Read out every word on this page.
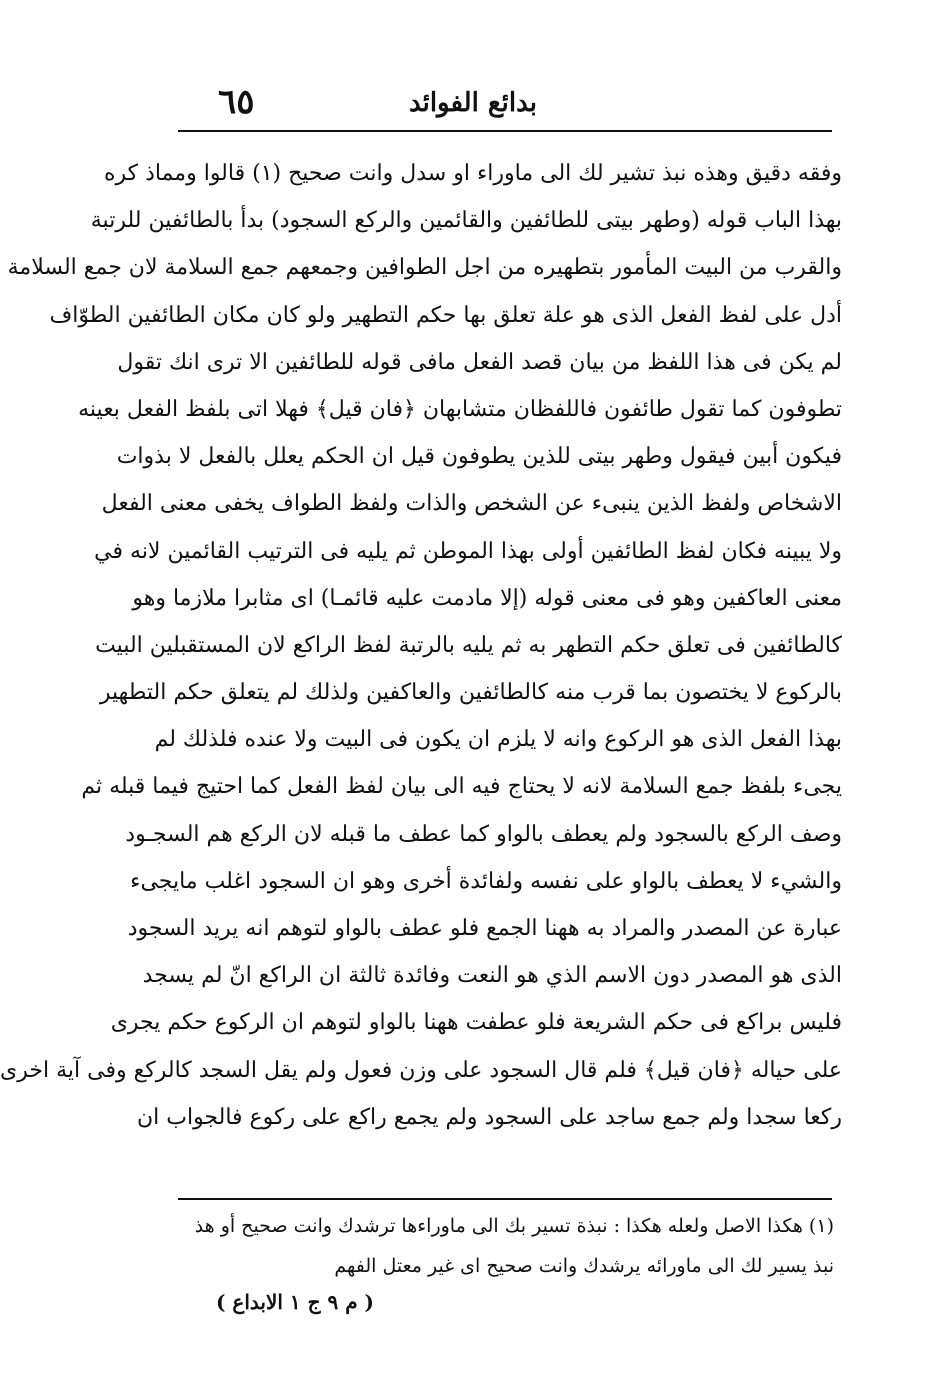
بدائع الفوائد
٦٥
وفقه دقيق وهذه نبذ تشير لك الى ماوراء او سدل وانت صحيح (١) قالوا ومماذ كره
بهذا الباب قوله (وطهر بيتى للطائفين والقائمين والركع السجود) بدأ بالطائفين للرتبة
والقرب من البيت المأمور بتطهيره من اجل الطوافين وجمعهم جمع السلامة لان جمع السلامة
أدل على لفظ الفعل الذى هو علة تعلق بها حكم التطهير ولو كان مكان الطائفين الطوّاف
لم يكن فى هذا اللفظ من بيان قصد الفعل مافى قوله للطائفين الا ترى انك تقول
تطوفون كما تقول طائفون فاللفظان متشابهان ﴿فان قيل﴾ فهلا اتى بلفظ الفعل بعينه
فيكون أبين فيقول وطهر بيتى للذين يطوفون قيل ان الحكم يعلل بالفعل لا بذوات
الاشخاص ولفظ الذين ينبىء عن الشخص والذات ولفظ الطواف يخفى معنى الفعل
ولا يبينه فكان لفظ الطائفين أولى بهذا الموطن ثم يليه فى الترتيب القائمين لانه في
معنى العاكفين وهو فى معنى قوله (إلا مادمت عليه قائمـا) اى مثابرا ملازما وهو
كالطائفين فى تعلق حكم التطهر به ثم يليه بالرتبة لفظ الراكع لان المستقبلين البيت
بالركوع لا يختصون بما قرب منه كالطائفين والعاكفين ولذلك لم يتعلق حكم التطهير
بهذا الفعل الذى هو الركوع وانه لا يلزم ان يكون فى البيت ولا عنده فلذلك لم
يجىء بلفظ جمع السلامة لانه لا يحتاج فيه الى بيان لفظ الفعل كما احتيج فيما قبله ثم
وصف الركع بالسجود ولم يعطف بالواو كما عطف ما قبله لان الركع هم السجـود
والشيء لا يعطف بالواو على نفسه ولفائدة أخرى وهو ان السجود اغلب مايجىء
عبارة عن المصدر والمراد به ههنا الجمع فلو عطف بالواو لتوهم انه يريد السجود
الذى هو المصدر دون الاسم الذي هو النعت وفائدة ثالثة ان الراكع انّ لم يسجد
فليس براكع فى حكم الشريعة فلو عطفت ههنا بالواو لتوهم ان الركوع حكم يجرى
على حياله ﴿فان قيل﴾ فلم قال السجود على وزن فعول ولم يقل السجد كالركع وفى آية اخرى
ركعا سجدا ولم جمع ساجد على السجود ولم يجمع راكع على ركوع فالجواب ان
(١) هكذا الاصل ولعله هكذا : نبذة تسير بك الى ماوراءها ترشدك وانت صحيح أو هذ
نبذ يسير لك الى ماورائه يرشدك وانت صحيح اى غير معتل الفهم
( م ٩ ج ١ الابداع )
